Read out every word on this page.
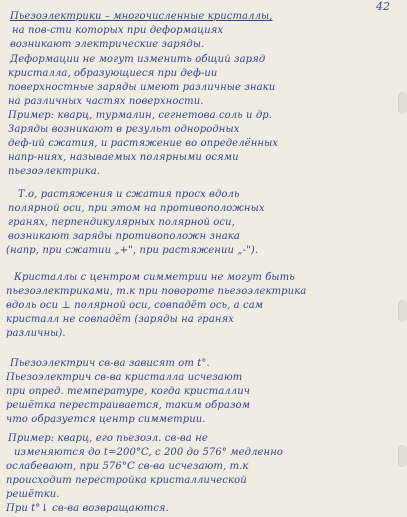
42
Пьезоэлектрики – многочисленные кристаллы,
на пов-сти которых при деформациях
возникают электрические заряды.
Деформации не могут изменить общий заряд
кристалла, образующиеся при деф-ии
поверхностные заряды имеют различные знаки
на различных частях поверхности.
Пример: кварц, турмалин, сегнетова соль и др.
Заряды возникают в результ однородных
деф-ий сжатия, и растяжение во определённых
напр-ниях, называемых полярными осями
пьезоэлектрика.
Т.о, растяжения и сжатия просх вдоль
полярной оси, при этом на противоположных
гранях, перпендикулярных полярной оси,
возникают заряды противоположн знака
(напр, при сжатии „+", при растяжении „-").
Кристаллы с центром симметрии не могут быть
пьезоэлектриками, т.к при повороте пьезоэлектрика
вдоль оси ⊥ полярной оси, совпадёт ось, а сам
кристалл не совпадёт (заряды на гранях
различны).
Пьезоэлектрич св-ва зависят от t°.
Пьезоэлектрич св-ва кристалла исчезают
при опред. температуре, когда кристаллич
решётка перестраивается, таким образом
что образуется центр симметрии.
Пример: кварц, его пьезоэл. св-ва не
изменяются до t=200°C, с 200 до 576° медленно
ослабевают, при 576°C св-ва исчезают, т.к
происходит перестройка кристаллической
решётки.
При t°↓ св-ва возвращаются.
